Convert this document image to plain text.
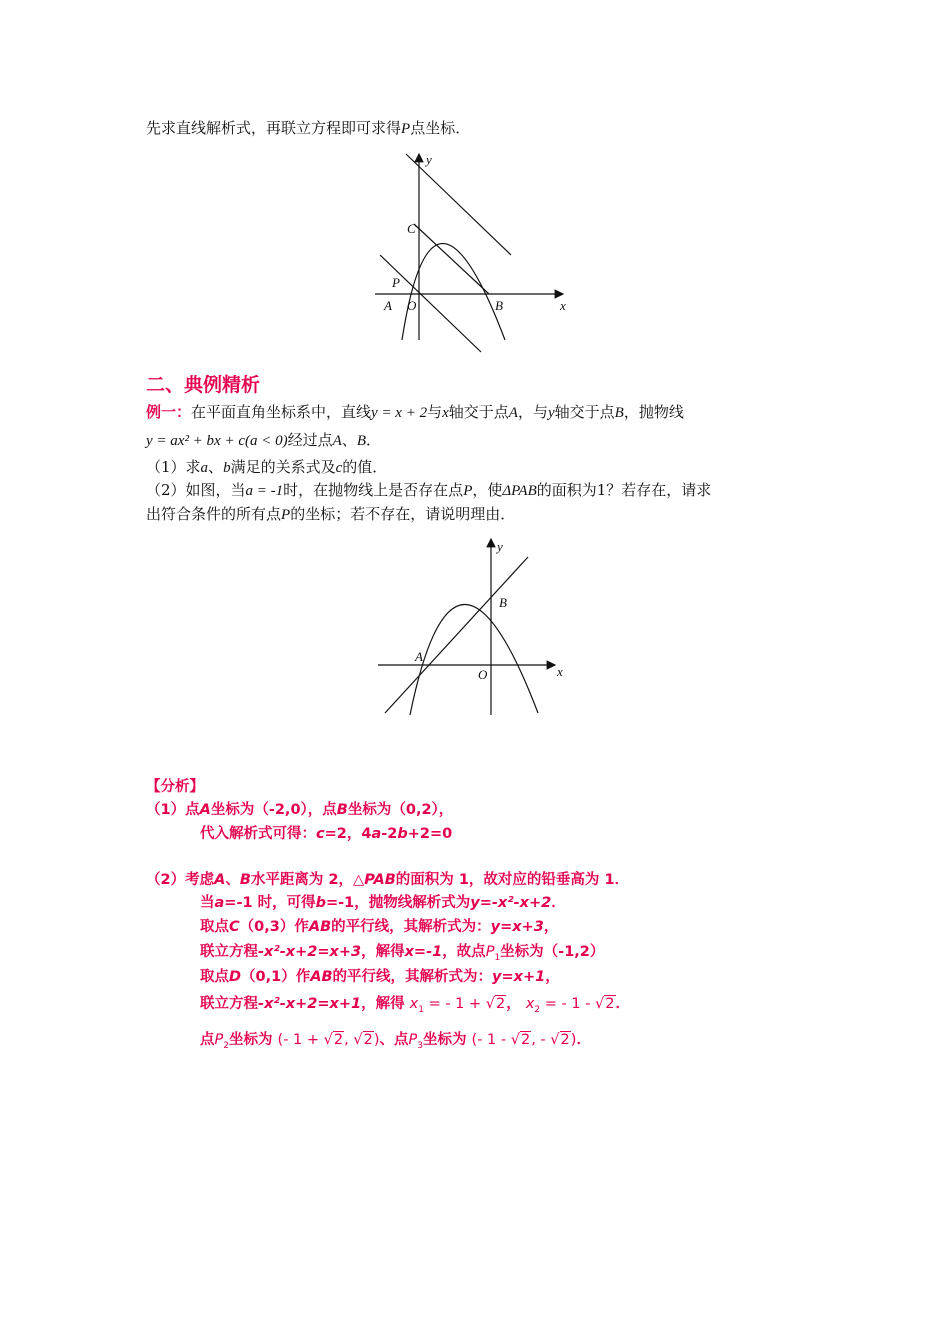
先求直线解析式，再联立方程即可求得P点坐标．
y
x
C
P
A O	B
二、典例精析
例一：在平面直角坐标系中，直线y = x + 2与x轴交于点A，与y轴交于点B，抛物线
y = ax² + bx + c(a < 0)经过点A、B．
（1）求a、b满足的关系式及c的值．
（2）如图，当a = -1时，在抛物线上是否存在点P，使ΔPAB的面积为1？若存在，请求
出符合条件的所有点P的坐标；若不存在，请说明理由．
y
x
A
B
O
【分析】
（1）点A坐标为（-2,0），点B坐标为（0,2），
代入解析式可得：c=2，4a-2b+2=0
（2）考虑A、B水平距离为 2，△PAB的面积为 1，故对应的铅垂高为 1．
当a=-1 时，可得b=-1，抛物线解析式为y=-x²-x+2．
取点C（0,3）作AB的平行线，其解析式为：y=x+3，
联立方程-x²-x+2=x+3，解得x=-1，故点$P_1$坐标为（-1,2）
取点D（0,1）作AB的平行线，其解析式为：y=x+1，
联立方程-x²-x+2=x+1，解得 $x_1$ = - 1 + √2， $x_2$ = - 1 - √2．
点$P_2$坐标为 (- 1 + √2, √2)、点$P_3$坐标为 (- 1 - √2, - √2)．
